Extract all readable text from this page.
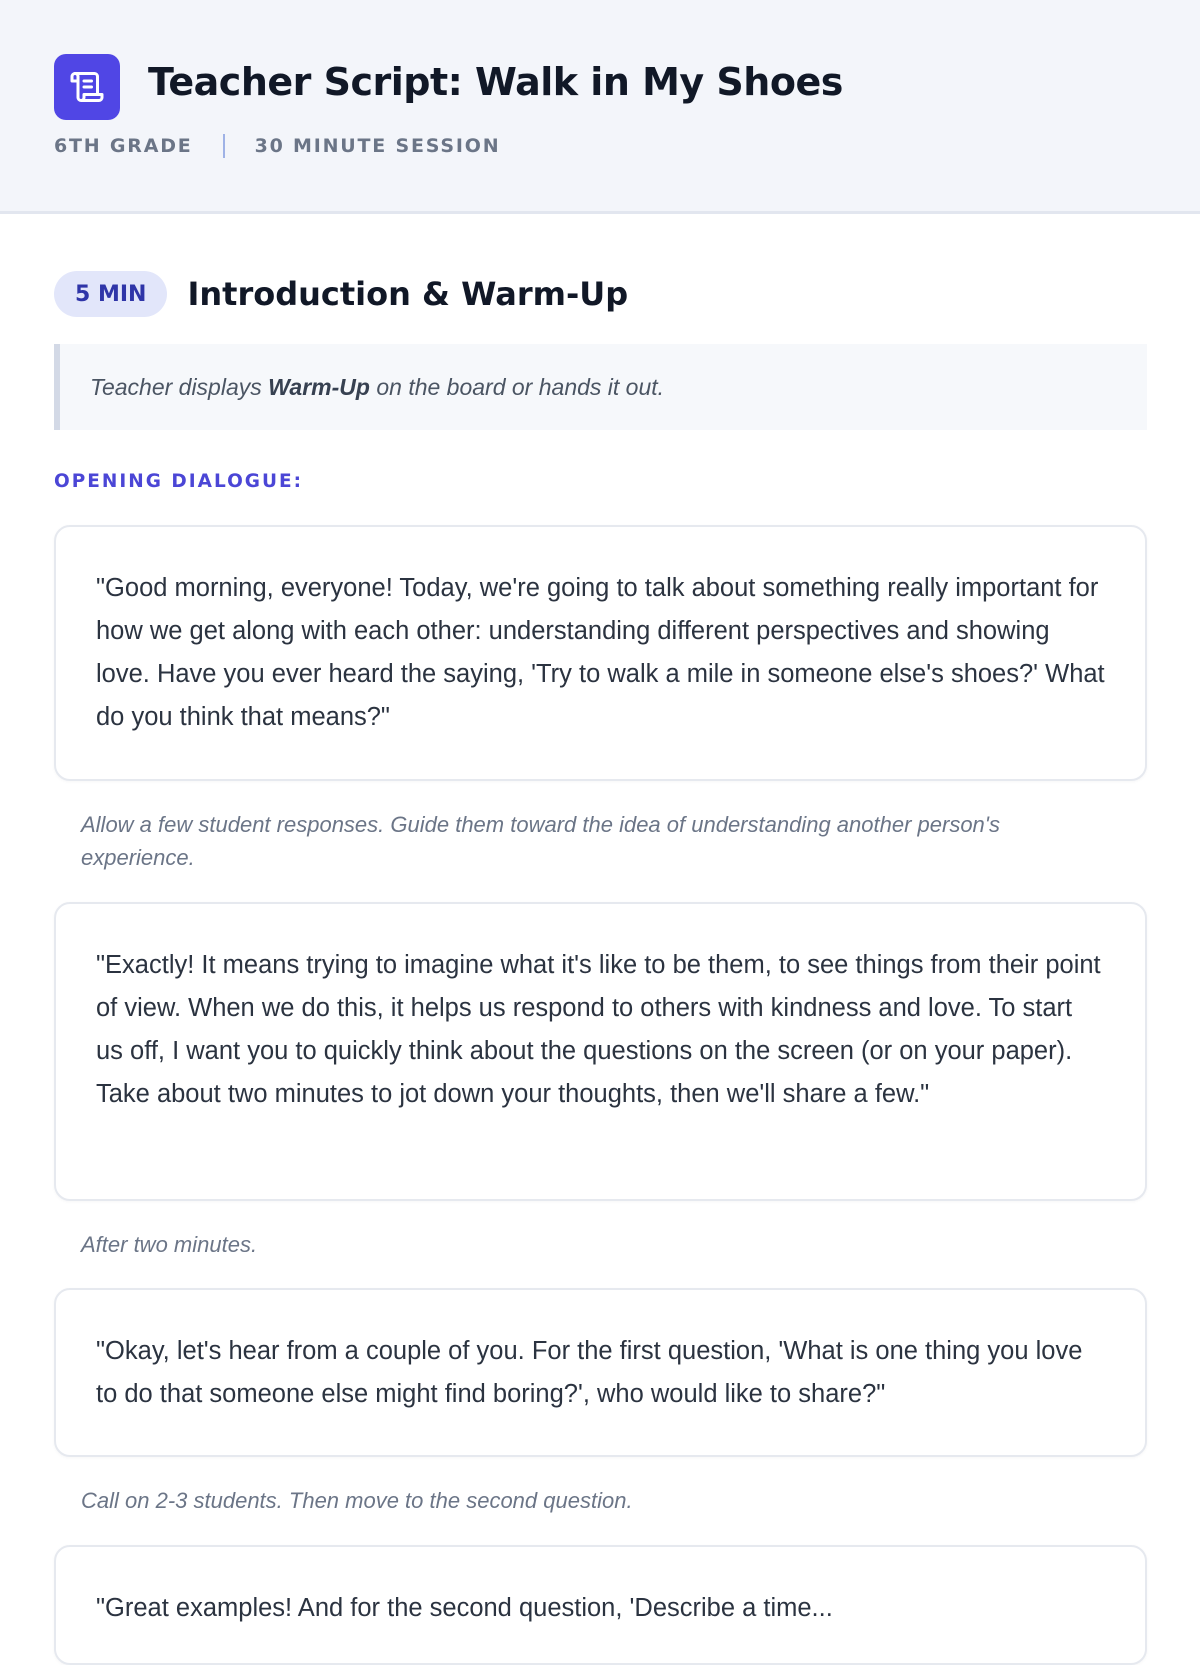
Teacher Script: Walk in My Shoes
6TH GRADE	30 MINUTE SESSION
5 MIN	Introduction & Warm-Up
Teacher displays Warm-Up on the board or hands it out.
OPENING DIALOGUE:
"Good morning, everyone! Today, we're going to talk about something really important for how we get along with each other: understanding different perspectives and showing love. Have you ever heard the saying, 'Try to walk a mile in someone else's shoes?' What do you think that means?"
Allow a few student responses. Guide them toward the idea of understanding another person's experience.
"Exactly! It means trying to imagine what it's like to be them, to see things from their point of view. When we do this, it helps us respond to others with kindness and love. To start us off, I want you to quickly think about the questions on the screen (or on your paper). Take about two minutes to jot down your thoughts, then we'll share a few."
After two minutes.
"Okay, let's hear from a couple of you. For the first question, 'What is one thing you love to do that someone else might find boring?', who would like to share?"
Call on 2-3 students. Then move to the second question.
"Great examples! And for the second question, 'Describe a time...
